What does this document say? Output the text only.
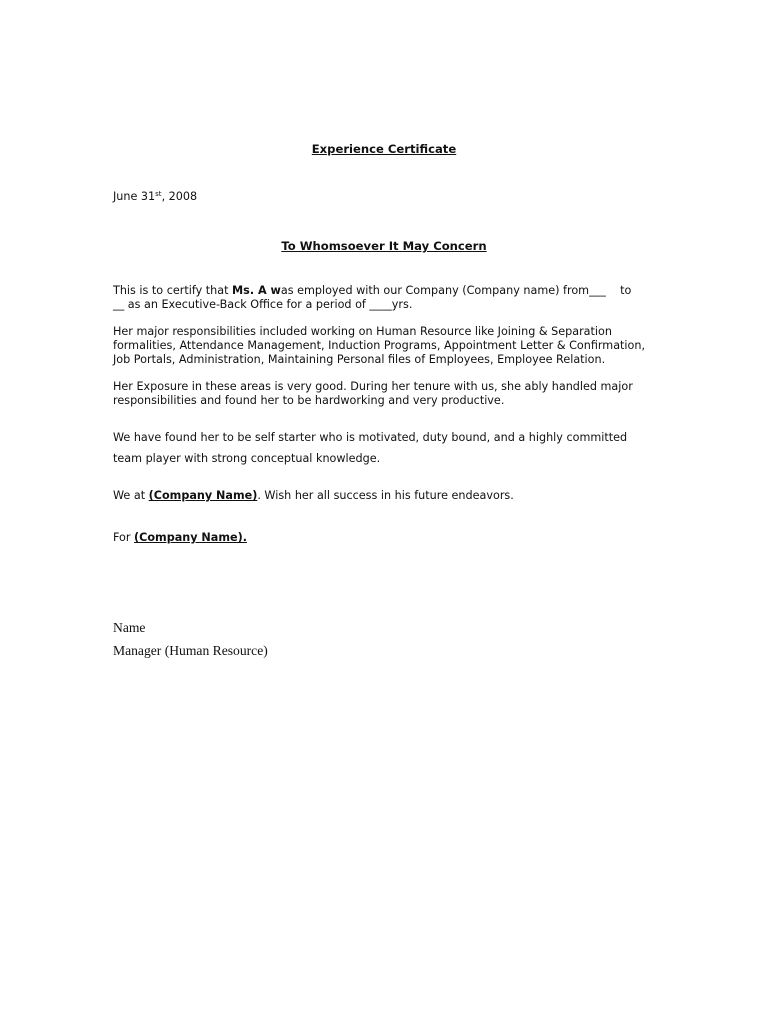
Experience Certificate
June 31st, 2008
To Whomsoever It May Concern
This is to certify that Ms. A was employed with our Company (Company name) from___    to
__ as an Executive-Back Office for a period of ____yrs.
Her major responsibilities included working on Human Resource like Joining & Separation formalities, Attendance Management, Induction Programs, Appointment Letter & Confirmation, Job Portals, Administration, Maintaining Personal files of Employees, Employee Relation.
Her Exposure in these areas is very good. During her tenure with us, she ably handled major responsibilities and found her to be hardworking and very productive.
We have found her to be self starter who is motivated, duty bound, and a highly committed team player with strong conceptual knowledge.
We at (Company Name). Wish her all success in his future endeavors.
For (Company Name).
Name
Manager (Human Resource)
